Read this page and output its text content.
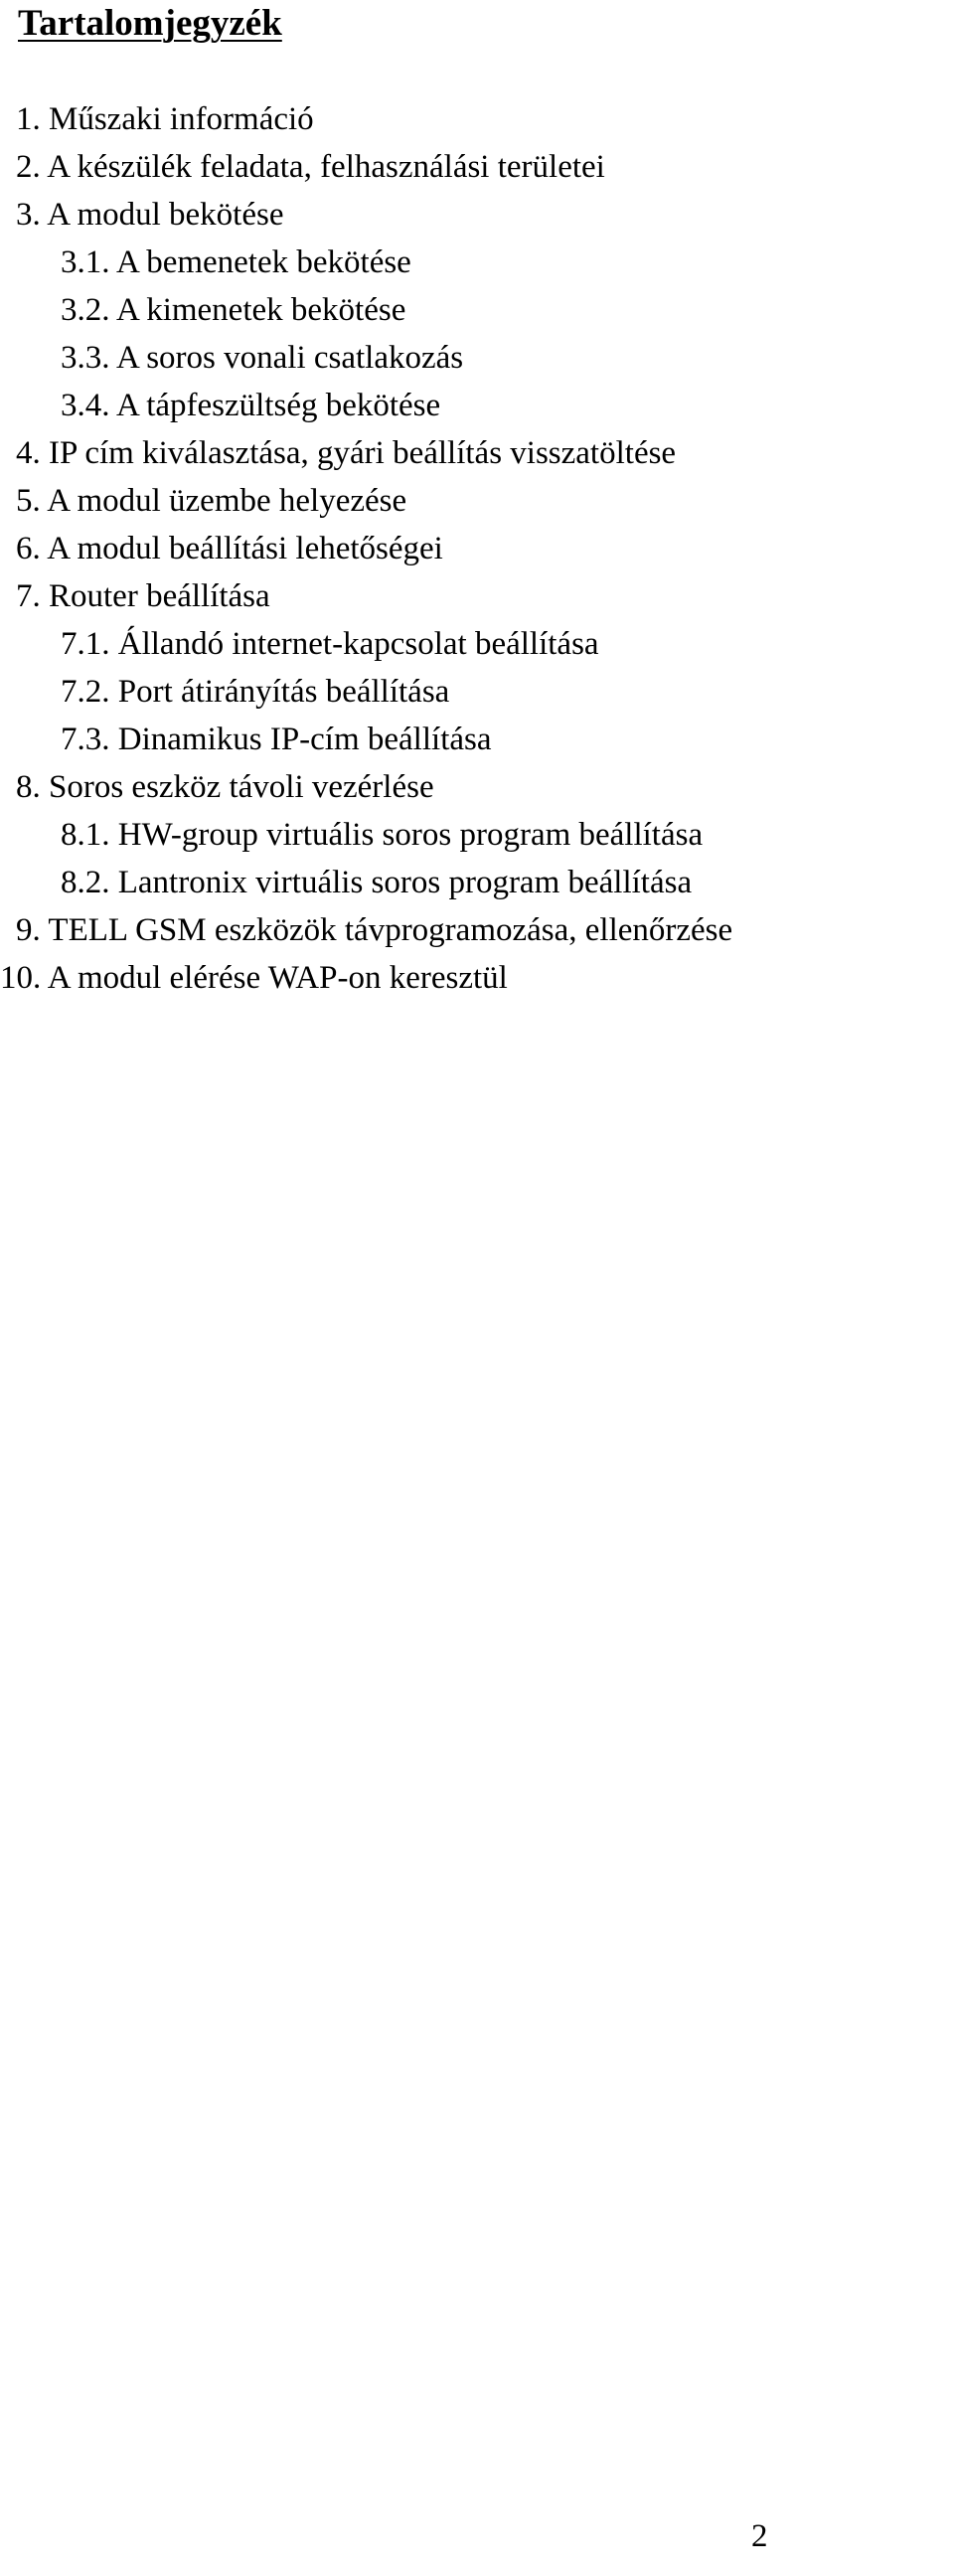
Tartalomjegyzék
1. Műszaki információ
2. A készülék feladata, felhasználási területei
3. A modul bekötése
3.1. A bemenetek bekötése
3.2. A kimenetek bekötése
3.3. A soros vonali csatlakozás
3.4. A tápfeszültség bekötése
4. IP cím kiválasztása, gyári beállítás visszatöltése
5. A modul üzembe helyezése
6. A modul beállítási lehetőségei
7. Router beállítása
7.1. Állandó internet-kapcsolat beállítása
7.2. Port átirányítás beállítása
7.3. Dinamikus IP-cím beállítása
8. Soros eszköz távoli vezérlése
8.1. HW-group virtuális soros program beállítása
8.2. Lantronix virtuális soros program beállítása
9. TELL GSM eszközök távprogramozása, ellenőrzése
10. A modul elérése WAP-on keresztül
2
